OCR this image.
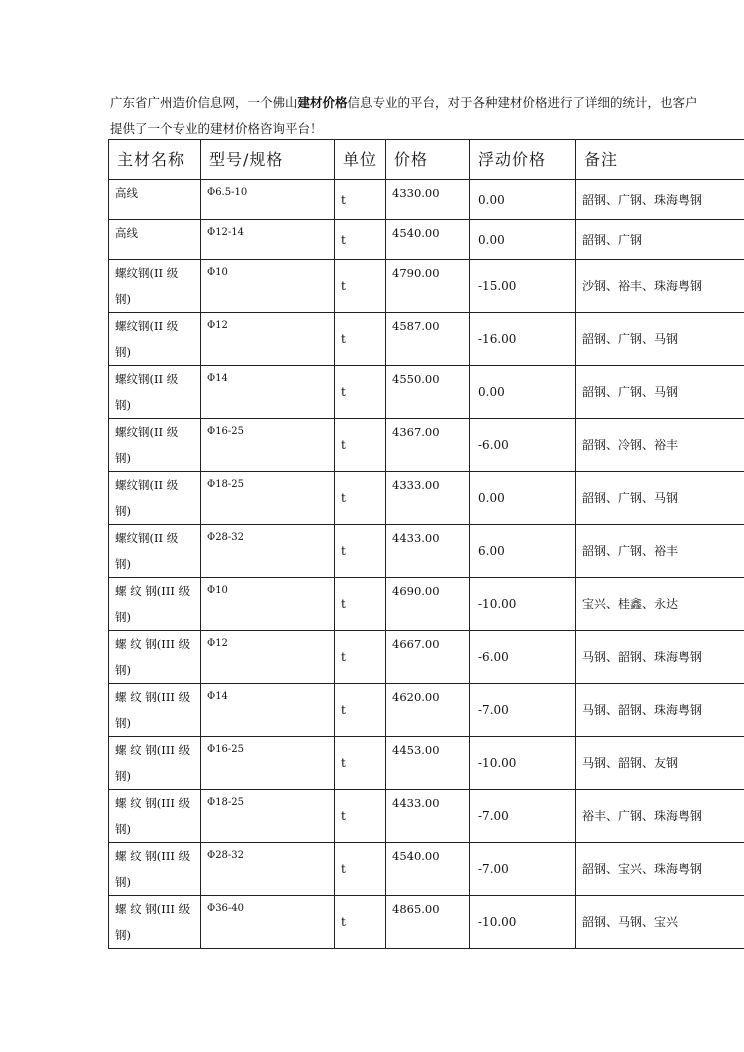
广东省广州造价信息网，一个佛山建材价格信息专业的平台，对于各种建材价格进行了详细的统计，也客户
提供了一个专业的建材价格咨询平台！
主材名称	型号/规格	单位	价格	浮动价格	备注
高线	Φ6.5-10	t	4330.00	0.00	韶钢、广钢、珠海粤钢
高线	Φ12-14	t	4540.00	0.00	韶钢、广钢
螺纹钢(II 级钢)	Φ10	t	4790.00	-15.00	沙钢、裕丰、珠海粤钢
螺纹钢(II 级钢)	Φ12	t	4587.00	-16.00	韶钢、广钢、马钢
螺纹钢(II 级钢)	Φ14	t	4550.00	0.00	韶钢、广钢、马钢
螺纹钢(II 级钢)	Φ16-25	t	4367.00	-6.00	韶钢、冷钢、裕丰
螺纹钢(II 级钢)	Φ18-25	t	4333.00	0.00	韶钢、广钢、马钢
螺纹钢(II 级钢)	Φ28-32	t	4433.00	6.00	韶钢、广钢、裕丰
螺 纹 钢(III 级钢)	Φ10	t	4690.00	-10.00	宝兴、桂鑫、永达
螺 纹 钢(III 级钢)	Φ12	t	4667.00	-6.00	马钢、韶钢、珠海粤钢
螺 纹 钢(III 级钢)	Φ14	t	4620.00	-7.00	马钢、韶钢、珠海粤钢
螺 纹 钢(III 级钢)	Φ16-25	t	4453.00	-10.00	马钢、韶钢、友钢
螺 纹 钢(III 级钢)	Φ18-25	t	4433.00	-7.00	裕丰、广钢、珠海粤钢
螺 纹 钢(III 级钢)	Φ28-32	t	4540.00	-7.00	韶钢、宝兴、珠海粤钢
螺 纹 钢(III 级钢)	Φ36-40	t	4865.00	-10.00	韶钢、马钢、宝兴
